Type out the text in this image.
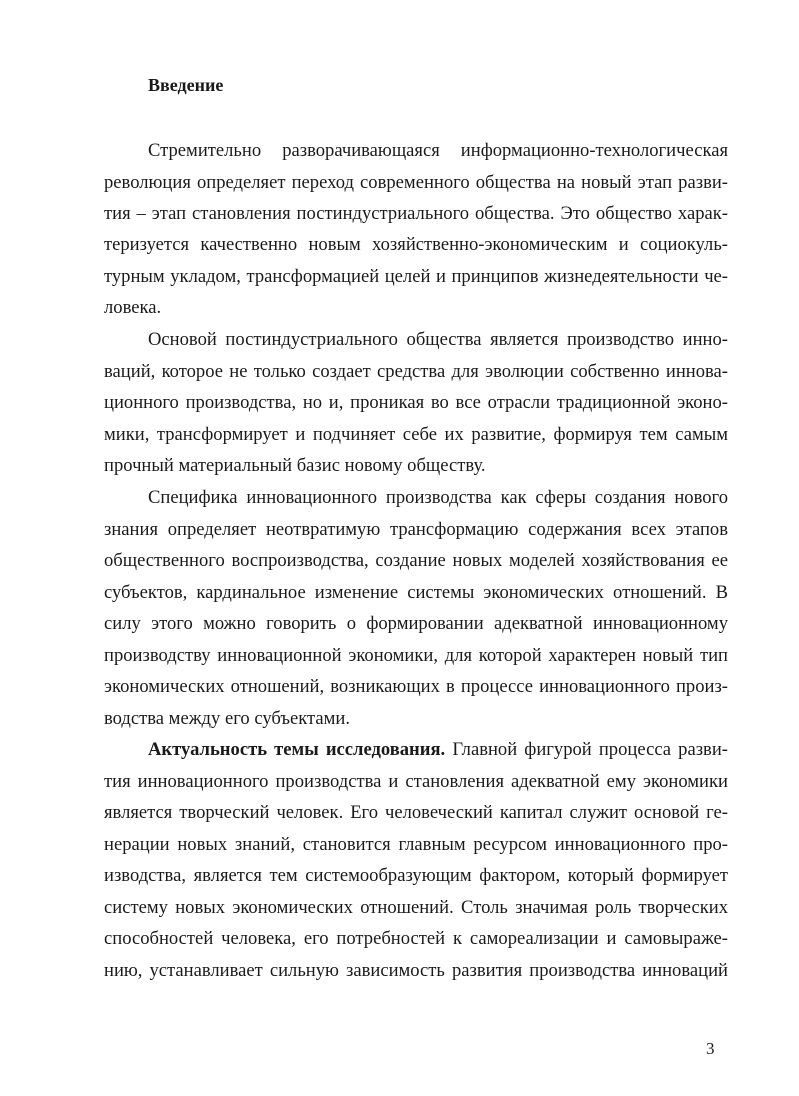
Введение
Стремительно разворачивающаяся информационно-технологическая
революция определяет переход современного общества на новый этап разви-
тия – этап становления постиндустриального общества. Это общество харак-
теризуется качественно новым хозяйственно-экономическим и социокуль-
турным укладом, трансформацией целей и принципов жизнедеятельности че-
ловека.
Основой постиндустриального общества является производство инно-
ваций, которое не только создает средства для эволюции собственно иннова-
ционного производства, но и, проникая во все отрасли традиционной эконо-
мики, трансформирует и подчиняет себе их развитие, формируя тем самым
прочный материальный базис новому обществу.
Специфика инновационного производства как сферы создания нового
знания определяет неотвратимую трансформацию содержания всех этапов
общественного воспроизводства, создание новых моделей хозяйствования ее
субъектов, кардинальное изменение системы экономических отношений. В
силу этого можно говорить о формировании адекватной инновационному
производству инновационной экономики, для которой характерен новый тип
экономических отношений, возникающих в процессе инновационного произ-
водства между его субъектами.
Актуальность темы исследования. Главной фигурой процесса разви-
тия инновационного производства и становления адекватной ему экономики
является творческий человек. Его человеческий капитал служит основой ге-
нерации новых знаний, становится главным ресурсом инновационного про-
изводства, является тем системообразующим фактором, который формирует
систему новых экономических отношений. Столь значимая роль творческих
способностей человека, его потребностей к самореализации и самовыраже-
нию, устанавливает сильную зависимость развития производства инноваций
3
